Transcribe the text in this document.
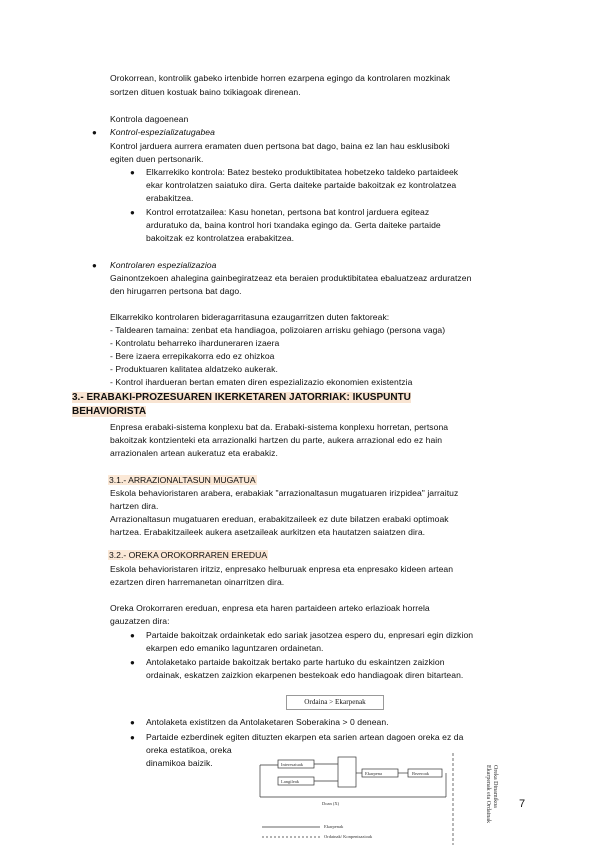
Orokorrean, kontrolik gabeko irtenbide horren ezarpena egingo da kontrolaren mozkinak
sortzen dituen kostuak baino txikiagoak direnean.
Kontrola dagoenean
● Kontrol-espezializatugabea
Kontrol jarduera aurrera eramaten duen pertsona bat dago, baina ez lan hau esklusiboki
egiten duen pertsonarik.
● Elkarrekiko kontrola: Batez besteko produktibitatea hobetzeko taldeko partaideek
ekar kontrolatzen saiatuko dira. Gerta daiteke partaide bakoitzak ez kontrolatzea
erabakitzea.
● Kontrol errotatzailea: Kasu honetan, pertsona bat kontrol jarduera egiteaz
arduratuko da, baina kontrol hori txandaka egingo da. Gerta daiteke partaide
bakoitzak ez kontrolatzea erabakitzea.
● Kontrolaren espezializazioa
Gainontzekoen ahalegina gainbegiratzeaz eta beraien produktibitatea ebaluatzeaz arduratzen
den hirugarren pertsona bat dago.
Elkarrekiko kontrolaren bideragarritasuna ezaugarritzen duten faktoreak:
- Taldearen tamaina: zenbat eta handiagoa, polizoiaren arrisku gehiago (persona vaga)
- Kontrolatu beharreko iharduneraren izaera
- Bere izaera errepikakorra edo ez ohizkoa
- Produktuaren kalitatea aldatzeko aukerak.
- Kontrol ihardueran bertan ematen diren espezializazio ekonomien existentzia
3.- ERABAKI-PROZESUAREN IKERKETAREN JATORRIAK: IKUSPUNTU
BEHAVIORISTA
Enpresa erabaki-sistema konplexu bat da. Erabaki-sistema konplexu horretan, pertsona
bakoitzak kontzienteki eta arrazionalki hartzen du parte, aukera arrazional edo ez hain
arrazionalen artean aukeratuz eta erabakiz.
3.1.- ARRAZIONALTASUN MUGATUA
Eskola behavioristaren arabera, erabakiak "arrazionaltasun mugatuaren irizpidea" jarraituz
hartzen dira.
Arrazionaltasun mugatuaren ereduan, erabakitzaileek ez dute bilatzen erabaki optimoak
hartzea. Erabakitzaileek aukera asetzaileak aurkitzen eta hautatzen saiatzen dira.
3.2.- OREKA OROKORRAREN EREDUA
Eskola behavioristaren iritziz, enpresako helburuak enpresa eta enpresako kideen artean
ezartzen diren harremanetan oinarritzen dira.
Oreka Orokorraren ereduan, enpresa eta haren partaideen arteko erlazioak horrela
gauzatzen dira:
● Partaide bakoitzak ordainketak edo sariak jasotzea espero du, enpresari egin dizkion
ekarpen edo emaniko laguntzaren ordainetan.
● Antolaketako partaide bakoitzak bertako parte hartuko du eskaintzen zaizkion
ordainak, eskatzen zaizkion ekarpenen bestekoak edo handiagoak diren bitartean.
Ordaina > Ekarpenak
● Antolaketa existitzen da Antolaketaren Soberakina > 0 denean.
● Partaide ezberdinek egiten dituzten ekarpen eta sarien artean dagoen oreka ez da
oreka estatikoa, oreka
dinamikoa baizik.	Interesatuak
Langileak
Ekarpena	Bezeroak
Doan (X)
Ekarpenak
Ordainak/ Konpentsazioak
Oreka Dinamikoa
Ekarpenak eta Ordainak	7
